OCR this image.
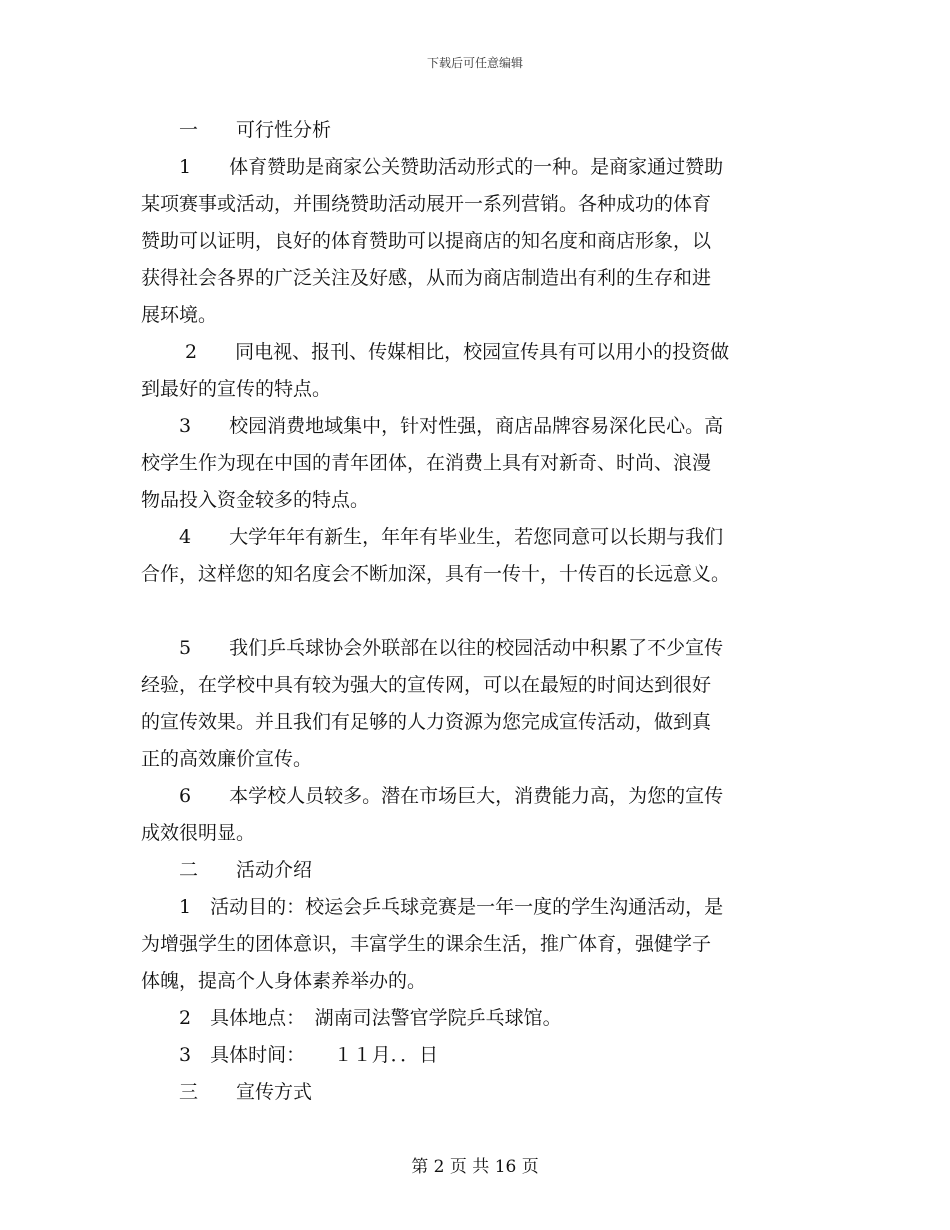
下载后可任意编辑
　　一　　可行性分析
　　1　　体育赞助是商家公关赞助活动形式的一种。是商家通过赞助
某项赛事或活动，并围绕赞助活动展开一系列营销。各种成功的体育
赞助可以证明，良好的体育赞助可以提商店的知名度和商店形象，以
获得社会各界的广泛关注及好感，从而为商店制造出有利的生存和进
展环境。
　　 2　　同电视、报刊、传媒相比，校园宣传具有可以用小的投资做
到最好的宣传的特点。
　　3　　校园消费地域集中，针对性强，商店品牌容易深化民心。高
校学生作为现在中国的青年团体，在消费上具有对新奇、时尚、浪漫
物品投入资金较多的特点。
　　4　　大学年年有新生，年年有毕业生，若您同意可以长期与我们
合作，这样您的知名度会不断加深，具有一传十，十传百的长远意义。
　　5　　我们乒乓球协会外联部在以往的校园活动中积累了不少宣传
经验，在学校中具有较为强大的宣传网，可以在最短的时间达到很好
的宣传效果。并且我们有足够的人力资源为您完成宣传活动，做到真
正的高效廉价宣传。
　　6　　本学校人员较多。潜在市场巨大，消费能力高，为您的宣传
成效很明显。
　　二　　活动介绍
　　1　活动目的：校运会乒乓球竞赛是一年一度的学生沟通活动，是
为增强学生的团体意识，丰富学生的课余生活，推广体育，强健学子
体魄，提高个人身体素养举办的。
　　2　具体地点：　湖南司法警官学院乒乓球馆。
　　3　具体时间：　　１１月．．日
　　三　　宣传方式
第 2 页 共 16 页
